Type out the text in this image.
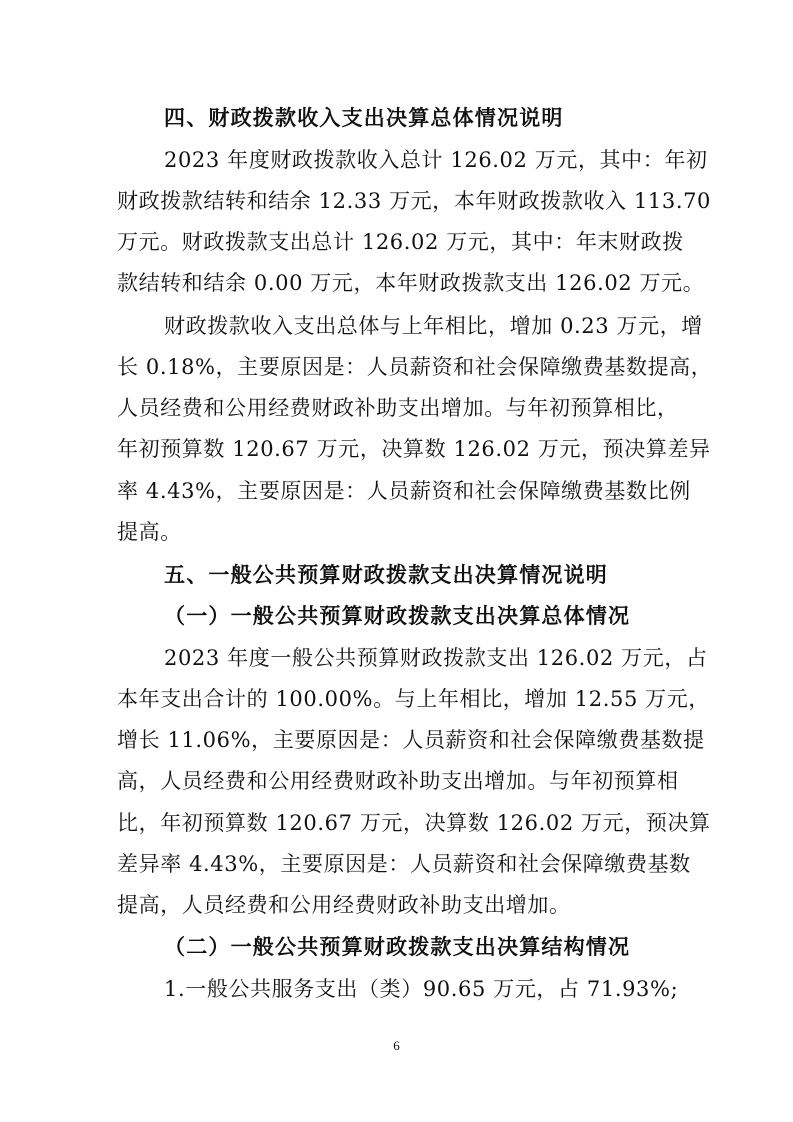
四、财政拨款收入支出决算总体情况说明
2023 年度财政拨款收入总计 126.02 万元，其中：年初
财政拨款结转和结余 12.33 万元，本年财政拨款收入 113.70
万元。财政拨款支出总计 126.02 万元，其中：年末财政拨
款结转和结余 0.00 万元，本年财政拨款支出 126.02 万元。
财政拨款收入支出总体与上年相比，增加 0.23 万元，增
长 0.18%，主要原因是：人员薪资和社会保障缴费基数提高，
人员经费和公用经费财政补助支出增加。与年初预算相比，
年初预算数 120.67 万元，决算数 126.02 万元，预决算差异
率 4.43%，主要原因是：人员薪资和社会保障缴费基数比例
提高。
五、一般公共预算财政拨款支出决算情况说明
（一）一般公共预算财政拨款支出决算总体情况
2023 年度一般公共预算财政拨款支出 126.02 万元，占
本年支出合计的 100.00%。与上年相比，增加 12.55 万元，
增长 11.06%，主要原因是：人员薪资和社会保障缴费基数提
高，人员经费和公用经费财政补助支出增加。与年初预算相
比，年初预算数 120.67 万元，决算数 126.02 万元，预决算
差异率 4.43%，主要原因是：人员薪资和社会保障缴费基数
提高，人员经费和公用经费财政补助支出增加。
（二）一般公共预算财政拨款支出决算结构情况
1.一般公共服务支出（类）90.65 万元，占 71.93%;
6
